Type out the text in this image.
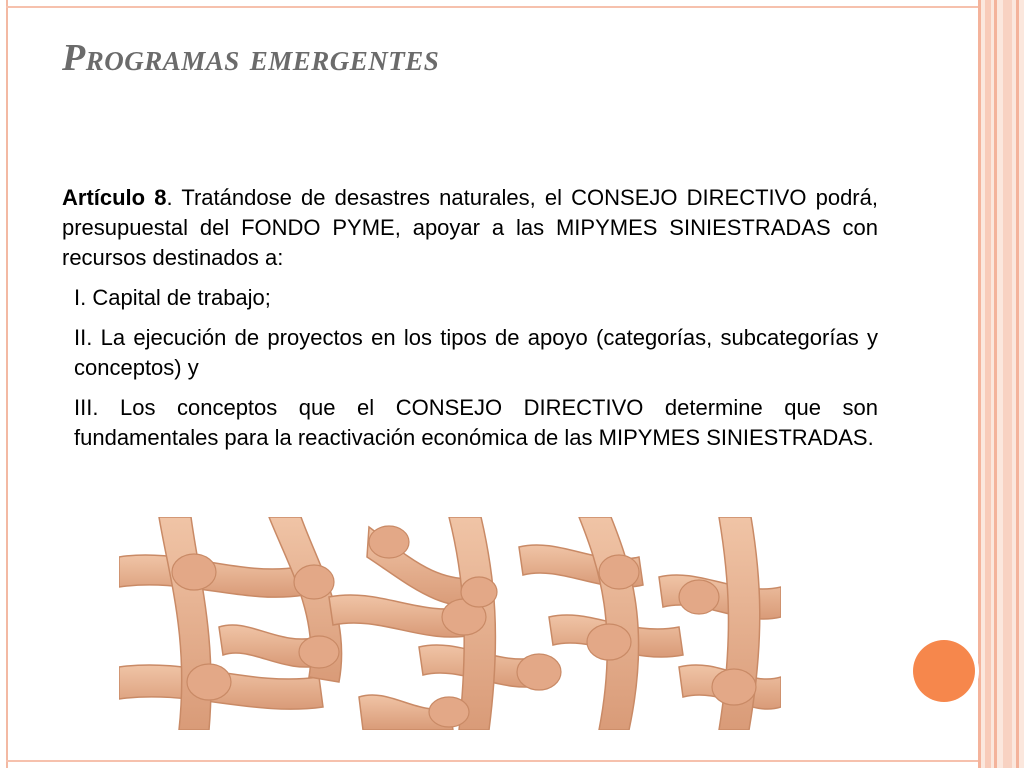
Programas emergentes

Artículo 8. Tratándose de desastres naturales, el CONSEJO DIRECTIVO podrá, presupuestal del FONDO PYME, apoyar a las MIPYMES SINIESTRADAS con recursos destinados a:

I. Capital de trabajo;

II. La ejecución de proyectos en los tipos de apoyo (categorías, subcategorías y conceptos) y

III. Los conceptos que el CONSEJO DIRECTIVO determine que son fundamentales para la reactivación económica de las MIPYMES SINIESTRADAS.
